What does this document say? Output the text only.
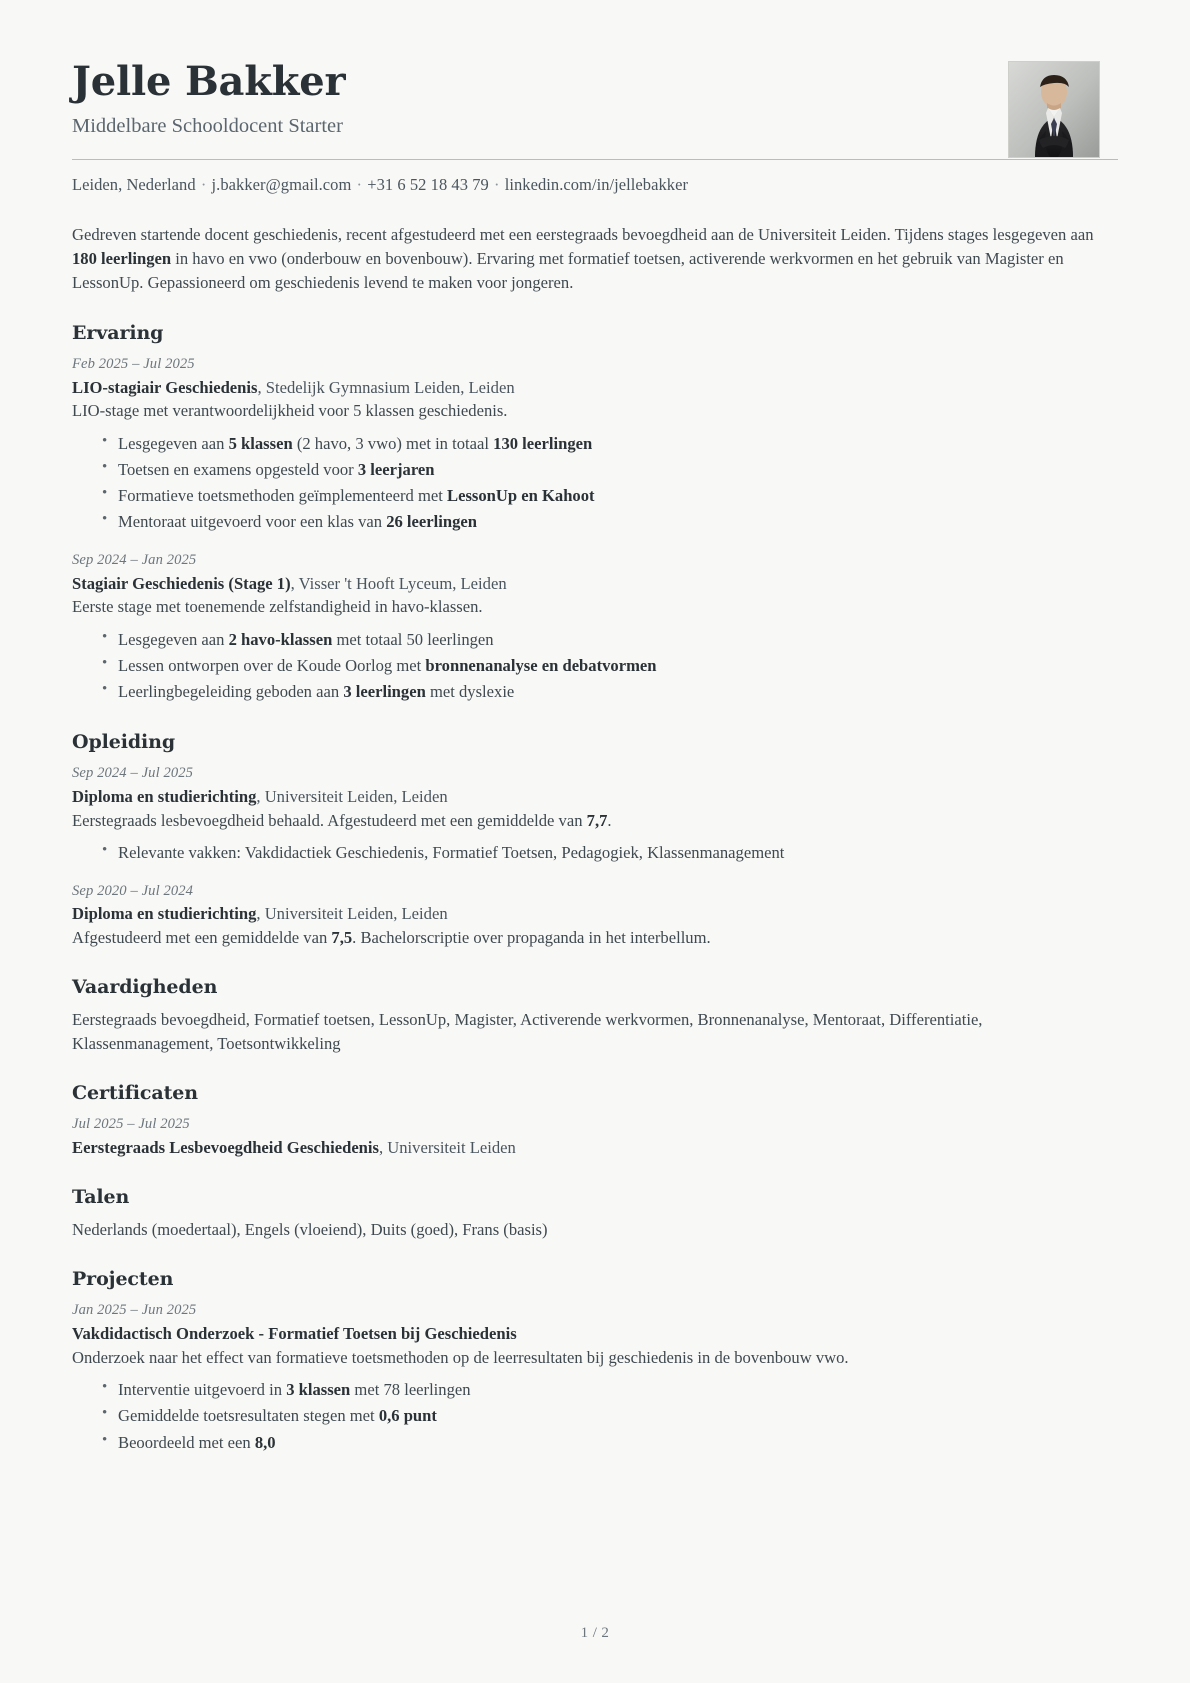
Jelle Bakker
Middelbare Schooldocent Starter
Leiden, Nederland · j.bakker@gmail.com · +31 6 52 18 43 79 · linkedin.com/in/jellebakker
Gedreven startende docent geschiedenis, recent afgestudeerd met een eerstegraads bevoegdheid aan de Universiteit Leiden. Tijdens stages lesgegeven aan 180 leerlingen in havo en vwo (onderbouw en bovenbouw). Ervaring met formatief toetsen, activerende werkvormen en het gebruik van Magister en LessonUp. Gepassioneerd om geschiedenis levend te maken voor jongeren.
Ervaring
Feb 2025 – Jul 2025
LIO-stagiair Geschiedenis, Stedelijk Gymnasium Leiden, Leiden
LIO-stage met verantwoordelijkheid voor 5 klassen geschiedenis.
• Lesgegeven aan 5 klassen (2 havo, 3 vwo) met in totaal 130 leerlingen
• Toetsen en examens opgesteld voor 3 leerjaren
• Formatieve toetsmethoden geïmplementeerd met LessonUp en Kahoot
• Mentoraat uitgevoerd voor een klas van 26 leerlingen
Sep 2024 – Jan 2025
Stagiair Geschiedenis (Stage 1), Visser 't Hooft Lyceum, Leiden
Eerste stage met toenemende zelfstandigheid in havo-klassen.
• Lesgegeven aan 2 havo-klassen met totaal 50 leerlingen
• Lessen ontworpen over de Koude Oorlog met bronnenanalyse en debatvormen
• Leerlingbegeleiding geboden aan 3 leerlingen met dyslexie
Opleiding
Sep 2024 – Jul 2025
Diploma en studierichting, Universiteit Leiden, Leiden
Eerstegraads lesbevoegdheid behaald. Afgestudeerd met een gemiddelde van 7,7.
• Relevante vakken: Vakdidactiek Geschiedenis, Formatief Toetsen, Pedagogiek, Klassenmanagement
Sep 2020 – Jul 2024
Diploma en studierichting, Universiteit Leiden, Leiden
Afgestudeerd met een gemiddelde van 7,5. Bachelorscriptie over propaganda in het interbellum.
Vaardigheden
Eerstegraads bevoegdheid, Formatief toetsen, LessonUp, Magister, Activerende werkvormen, Bronnenanalyse, Mentoraat, Differentiatie, Klassenmanagement, Toetsontwikkeling
Certificaten
Jul 2025 – Jul 2025
Eerstegraads Lesbevoegdheid Geschiedenis, Universiteit Leiden
Talen
Nederlands (moedertaal), Engels (vloeiend), Duits (goed), Frans (basis)
Projecten
Jan 2025 – Jun 2025
Vakdidactisch Onderzoek - Formatief Toetsen bij Geschiedenis
Onderzoek naar het effect van formatieve toetsmethoden op de leerresultaten bij geschiedenis in de bovenbouw vwo.
• Interventie uitgevoerd in 3 klassen met 78 leerlingen
• Gemiddelde toetsresultaten stegen met 0,6 punt
• Beoordeeld met een 8,0
1 / 2
